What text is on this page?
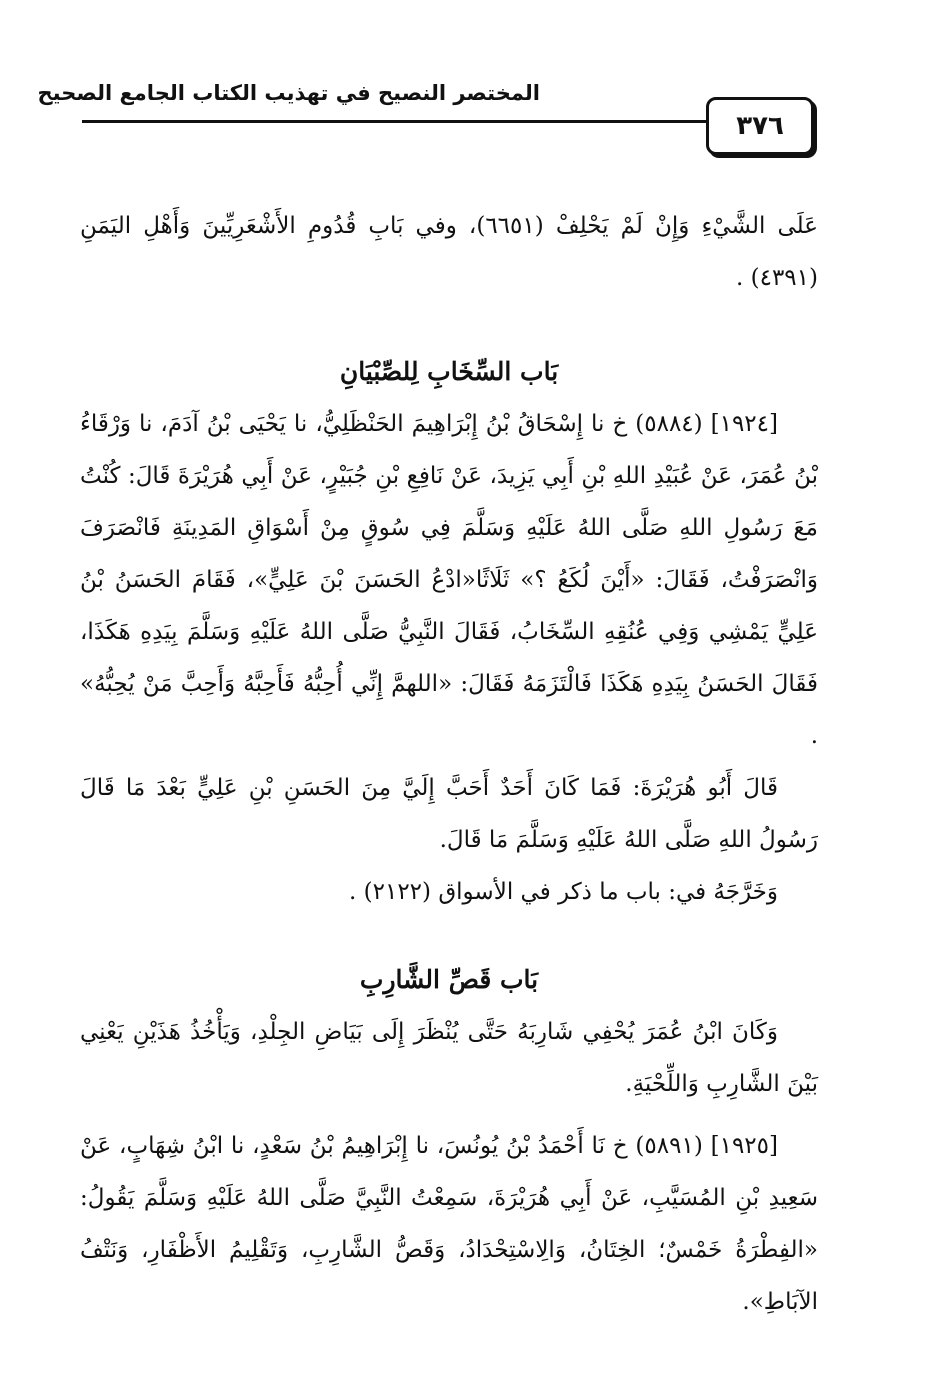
المختصر النصيح في تهذيب الكتاب الجامع الصحيح
٣٧٦

عَلَى الشَّيْءِ وَإِنْ لَمْ يَحْلِفْ (٦٦٥١)، وفي بَابِ قُدُومِ الأَشْعَرِيِّينَ وَأَهْلِ اليَمَنِ (٤٣٩١) .

بَاب السِّخَابِ لِلصِّبْيَانِ

[١٩٢٤] (٥٨٨٤) خ نا إِسْحَاقُ بْنُ إِبْرَاهِيمَ الحَنْظَلِيُّ، نا يَحْيَى بْنُ آدَمَ، نا وَرْقَاءُ بْنُ عُمَرَ، عَنْ عُبَيْدِ اللهِ بْنِ أَبِي يَزِيدَ، عَنْ نَافِعِ بْنِ جُبَيْرٍ، عَنْ أَبِي هُرَيْرَةَ قَالَ: كُنْتُ مَعَ رَسُولِ اللهِ صَلَّى اللهُ عَلَيْهِ وَسَلَّمَ فِي سُوقٍ مِنْ أَسْوَاقِ المَدِينَةِ فَانْصَرَفَ وَانْصَرَفْتُ، فَقَالَ: «أَيْنَ لُكَعُ ؟» ثَلَاثًا«ادْعُ الحَسَنَ بْنَ عَلِيٍّ»، فَقَامَ الحَسَنُ بْنُ عَلِيٍّ يَمْشِي وَفِي عُنُقِهِ السِّخَابُ، فَقَالَ النَّبِيُّ صَلَّى اللهُ عَلَيْهِ وَسَلَّمَ بِيَدِهِ هَكَذَا، فَقَالَ الحَسَنُ بِيَدِهِ هَكَذَا فَالْتَزَمَهُ فَقَالَ: «اللهمَّ إِنِّي أُحِبُّهُ فَأَحِبَّهُ وَأَحِبَّ مَنْ يُحِبُّهُ» .

قَالَ أَبُو هُرَيْرَةَ: فَمَا كَانَ أَحَدٌ أَحَبَّ إِلَيَّ مِنَ الحَسَنِ بْنِ عَلِيٍّ بَعْدَ مَا قَالَ رَسُولُ اللهِ صَلَّى اللهُ عَلَيْهِ وَسَلَّمَ مَا قَالَ.

وَخَرَّجَهُ في: باب ما ذكر في الأسواق (٢١٢٢) .

بَاب قَصِّ الشَّارِبِ

وَكَانَ ابْنُ عُمَرَ يُحْفِي شَارِبَهُ حَتَّى يُنْظَرَ إِلَى بَيَاضِ الجِلْدِ، وَيَأْخُذُ هَذَيْنِ يَعْنِي بَيْنَ الشَّارِبِ وَاللِّحْيَةِ.

[١٩٢٥] (٥٨٩١) خ نَا أَحْمَدُ بْنُ يُونُسَ، نا إِبْرَاهِيمُ بْنُ سَعْدٍ، نا ابْنُ شِهَابٍ، عَنْ سَعِيدِ بْنِ المُسَيَّبِ، عَنْ أَبِي هُرَيْرَةَ، سَمِعْتُ النَّبِيَّ صَلَّى اللهُ عَلَيْهِ وَسَلَّمَ يَقُولُ: «الفِطْرَةُ خَمْسٌ؛ الخِتَانُ، وَالِاسْتِحْدَادُ، وَقَصُّ الشَّارِبِ، وَتَقْلِيمُ الأَظْفَارِ، وَنَتْفُ الآبَاطِ».
